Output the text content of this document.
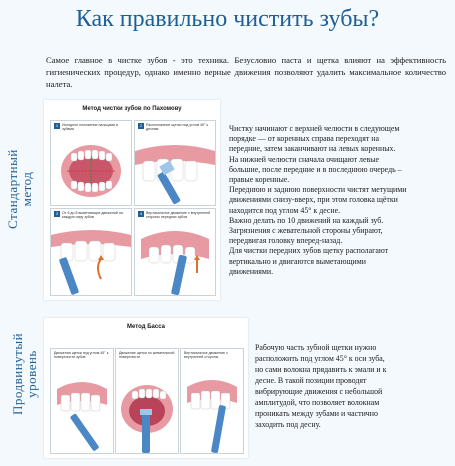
Как правильно чистить зубы?
Самое главное в чистке зубов - это техника. Безусловно паста и щетка влияют на эффективность гигиенических процедур, однако именно верные движения позволяют удалить максимальное количество налета.
Стандартный метод
Продвинутый уровень
Метод чистки зубов по Пахомову
1	Исходное положение пальцами и зубами
2	Расположение щетки под углом 45° к деснам
3	От 6 до 8 выметающих движений на каждую пару зубов
4	Вертикальное движение с внутренней стороны передних зубов
Чистку начинают с верхней челюсти в следующем
порядке — от коренных справа переходят на
передние, затем заканчивают на левых коренных.
На нижней челюсти сначала очищают левые
большие, после передние и в последнюю очередь –
правые коренные.
Переднюю и заднюю поверхности чистят метущими
движениями снизу-вверх, при этом головка щётки
находится под углом 45° к десне.
Важно делать по 10 движений на каждый зуб.
Загрязнения с жевательной стороны убирают,
передвигая головку вперед-назад.
Для чистки передних зубов щетку располагают
вертикально и двигаются выметающими
движениями.
Метод Басса
Движения щетки под углом 45° к поверхности зубов
Движение щетки по жевательной поверхности
Вертикальное движение с внутренней стороны
Рабочую часть зубной щетки нужно
расположить под углом 45° к оси зуба,
но сами волокна прядавить к эмали и к
десне. В такой позиции проводят
вибрирующие движения с небольшой
амплитудой, что позволяет волокнам
проникать между зубами и частично
заходить под десну.
